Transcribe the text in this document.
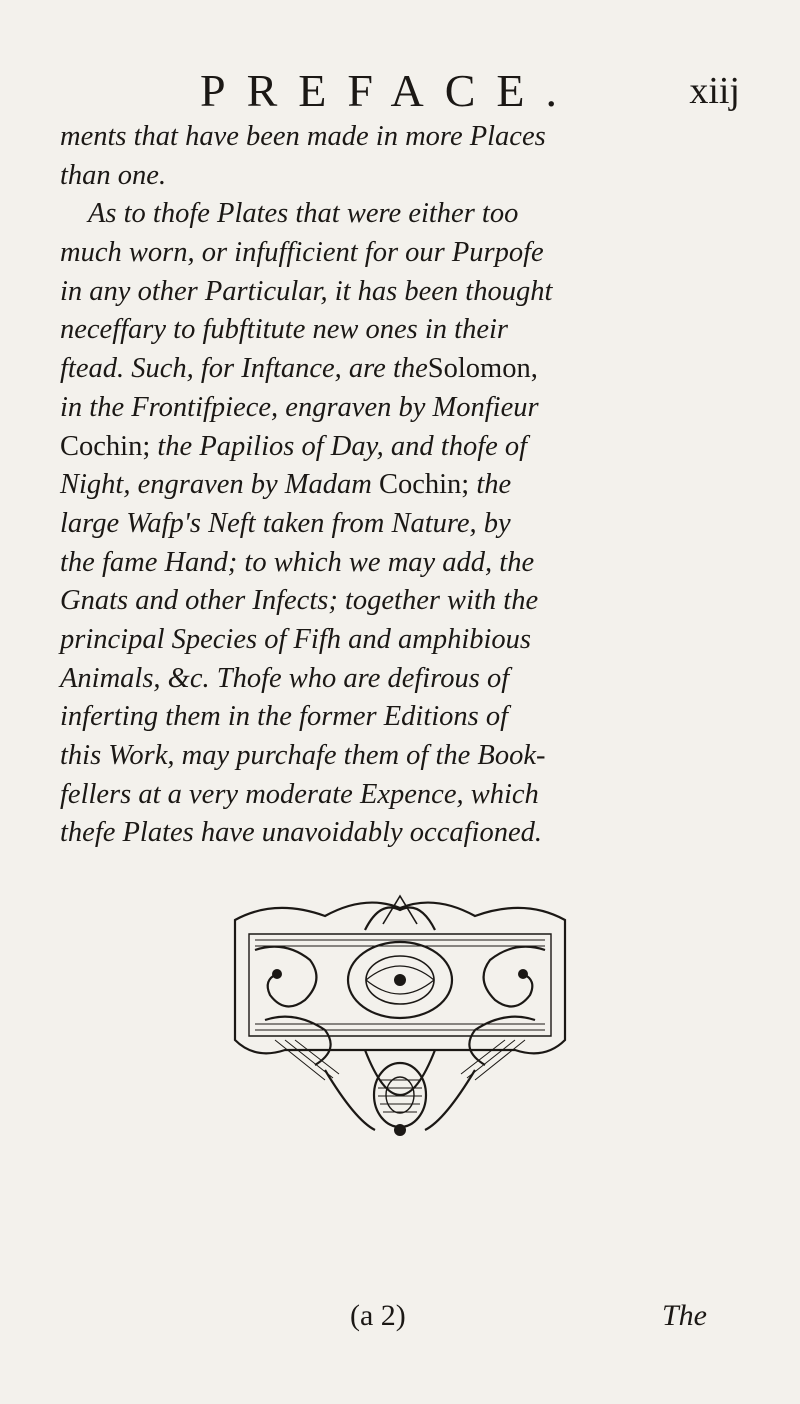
PREFACE.	xiij
ments that have been made in more Places
than one.
As to thofe Plates that were either too
much worn, or infufficient for our Purpofe
in any other Particular, it has been thought
neceffary to fubftitute new ones in their
ftead. Such, for Inftance, are theSolomon,
in the Frontifpiece, engraven by Monfieur
Cochin; the Papilios of Day, and thofe of
Night, engraven by Madam Cochin; the
large Wafp's Neft taken from Nature, by
the fame Hand; to which we may add, the
Gnats and other Infects; together with the
principal Species of Fifh and amphibious
Animals, &c. Thofe who are defirous of
inferting them in the former Editions of
this Work, may purchafe them of the Book-
fellers at a very moderate Expence, which
thefe Plates have unavoidably occafioned.
(a 2)	The
